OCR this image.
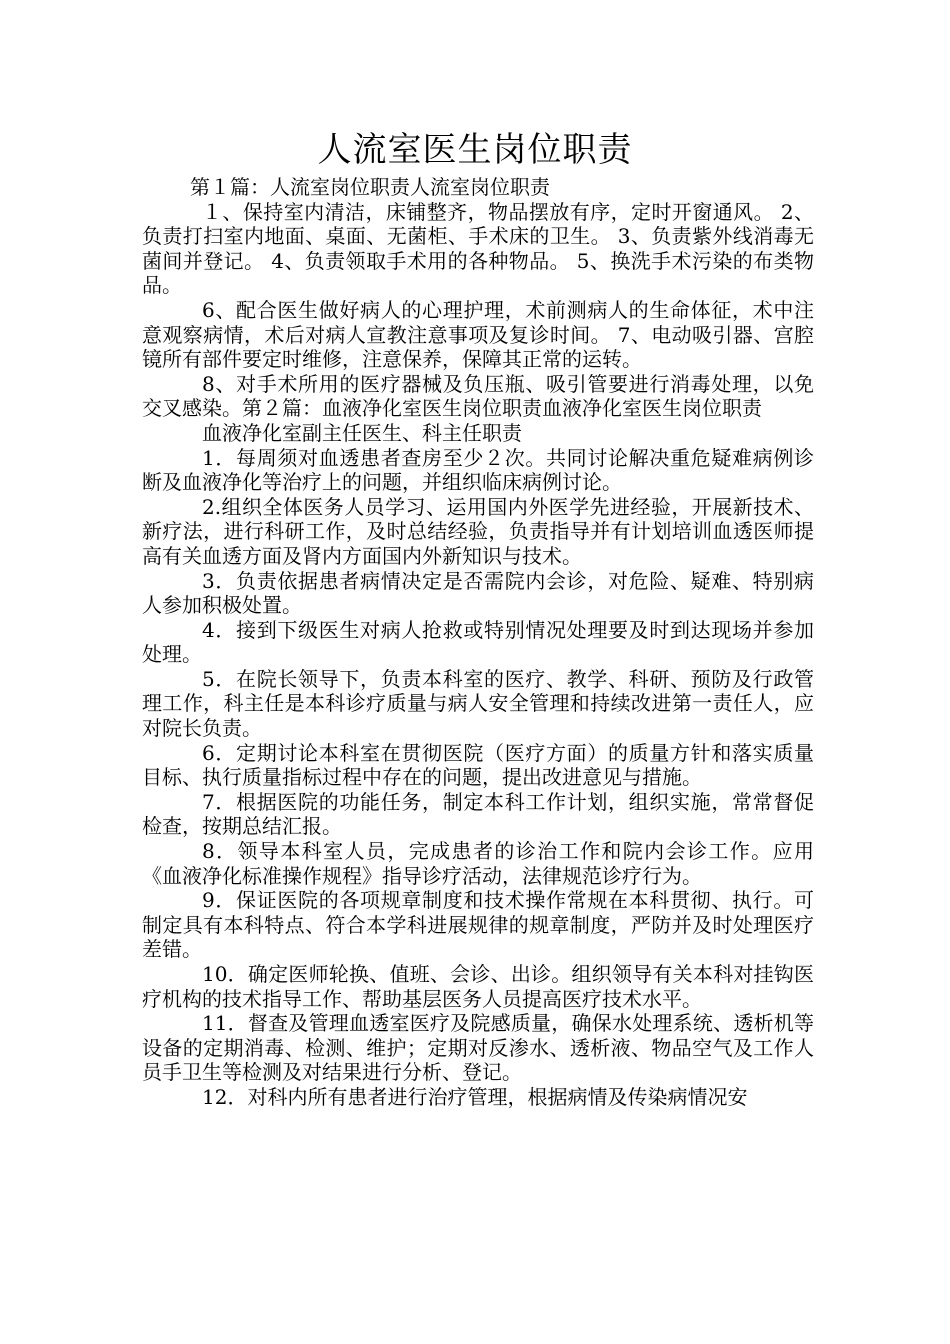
人流室医生岗位职责

第１篇：人流室岗位职责人流室岗位职责

１、保持室内清洁，床铺整齐，物品摆放有序，定时开窗通风。 2、负责打扫室内地面、桌面、无菌柜、手术床的卫生。 3、负责紫外线消毒无菌间并登记。 4、负责领取手术用的各种物品。 5、换洗手术污染的布类物品。

6、配合医生做好病人的心理护理，术前测病人的生命体征，术中注意观察病情，术后对病人宣教注意事项及复诊时间。 7、电动吸引器、宫腔镜所有部件要定时维修，注意保养，保障其正常的运转。

8、对手术所用的医疗器械及负压瓶、吸引管要进行消毒处理，以免交叉感染。第２篇：血液净化室医生岗位职责血液净化室医生岗位职责

血液净化室副主任医生、科主任职责

1．每周须对血透患者查房至少２次。共同讨论解决重危疑难病例诊断及血液净化等治疗上的问题，并组织临床病例讨论。

2.组织全体医务人员学习、运用国内外医学先进经验，开展新技术、新疗法，进行科研工作，及时总结经验，负责指导并有计划培训血透医师提高有关血透方面及肾内方面国内外新知识与技术。

3．负责依据患者病情决定是否需院内会诊，对危险、疑难、特别病人参加积极处置。

4．接到下级医生对病人抢救或特别情况处理要及时到达现场并参加处理。

5．在院长领导下，负责本科室的医疗、教学、科研、预防及行政管理工作，科主任是本科诊疗质量与病人安全管理和持续改进第一责任人，应对院长负责。

6．定期讨论本科室在贯彻医院（医疗方面）的质量方针和落实质量目标、执行质量指标过程中存在的问题，提出改进意见与措施。

7．根据医院的功能任务，制定本科工作计划，组织实施，常常督促检查，按期总结汇报。

8．领导本科室人员，完成患者的诊治工作和院内会诊工作。应用《血液净化标准操作规程》指导诊疗活动，法律规范诊疗行为。

9．保证医院的各项规章制度和技术操作常规在本科贯彻、执行。可制定具有本科特点、符合本学科进展规律的规章制度，严防并及时处理医疗差错。

10．确定医师轮换、值班、会诊、出诊。组织领导有关本科对挂钩医疗机构的技术指导工作、帮助基层医务人员提高医疗技术水平。

11．督查及管理血透室医疗及院感质量，确保水处理系统、透析机等设备的定期消毒、检测、维护；定期对反渗水、透析液、物品空气及工作人员手卫生等检测及对结果进行分析、登记。

12．对科内所有患者进行治疗管理，根据病情及传染病情况安
